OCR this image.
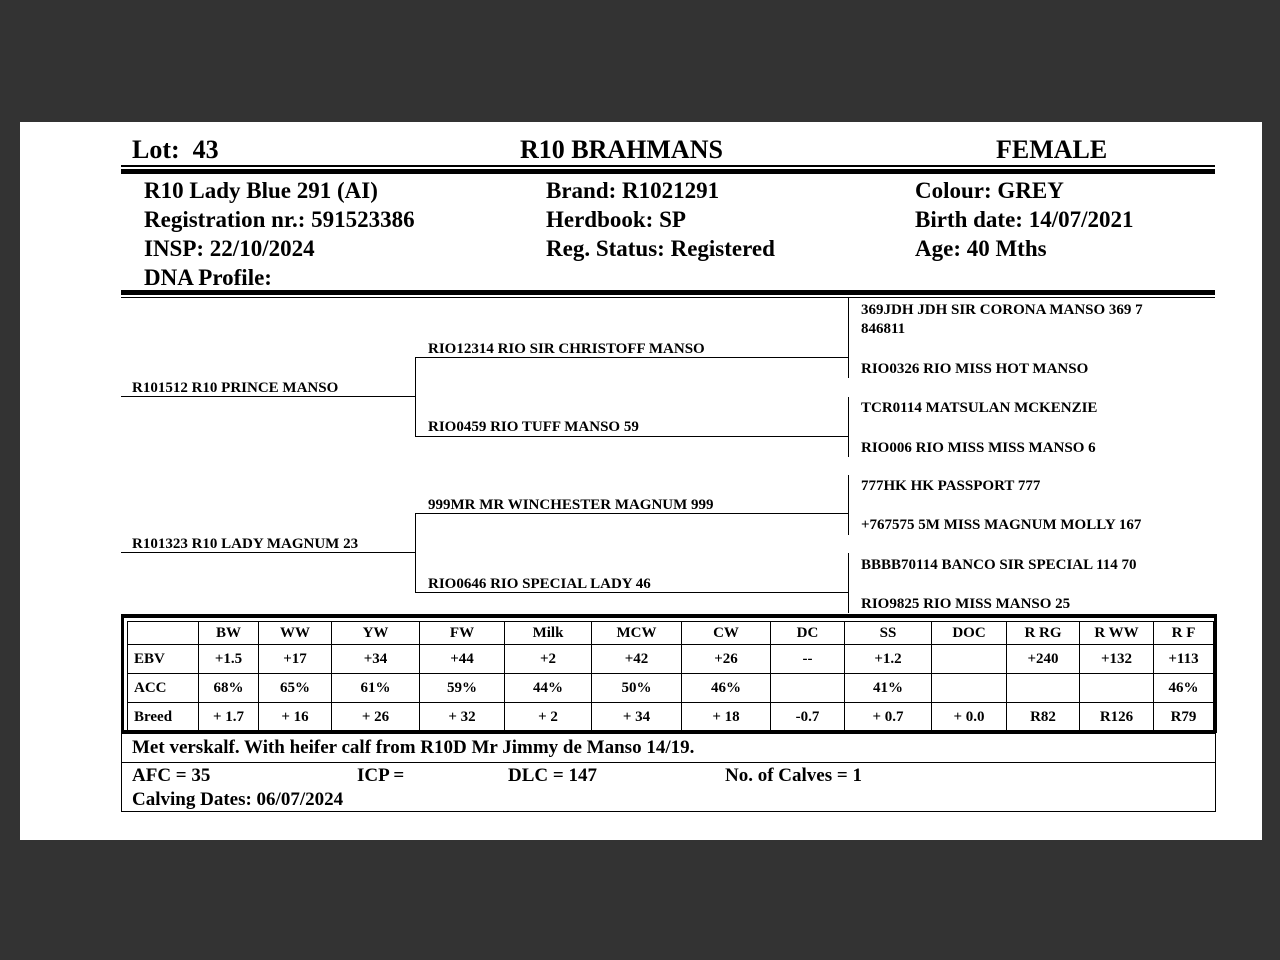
Lot: 43	R10 BRAHMANS	FEMALE
R10 Lady Blue 291 (AI)
Registration nr.: 591523386
INSP: 22/10/2024
DNA Profile:
Brand: R1021291
Herdbook: SP
Reg. Status: Registered
Colour: GREY
Birth date: 14/07/2021
Age: 40 Mths
R101512 R10 PRINCE MANSO
R101323 R10 LADY MAGNUM 23
RIO12314 RIO SIR CHRISTOFF MANSO
RIO0459 RIO TUFF MANSO 59
999MR MR WINCHESTER MAGNUM 999
RIO0646 RIO SPECIAL LADY 46
369JDH JDH SIR CORONA MANSO 369 7
846811
RIO0326 RIO MISS HOT MANSO
TCR0114 MATSULAN MCKENZIE
RIO006 RIO MISS MISS MANSO 6
777HK HK PASSPORT 777
+767575 5M MISS MAGNUM MOLLY 167
BBBB70114 BANCO SIR SPECIAL 114 70
RIO9825 RIO MISS MANSO 25
	BW	WW	YW	FW	Milk	MCW	CW	DC	SS	DOC	R RG	R WW	R F
EBV	+1.5	+17	+34	+44	+2	+42	+26	--	+1.2		+240	+132	+113
ACC	68%	65%	61%	59%	44%	50%	46%		41%				46%
Breed	+ 1.7	+ 16	+ 26	+ 32	+ 2	+ 34	+ 18	-0.7	+ 0.7	+ 0.0	R82	R126	R79
Met verskalf. With heifer calf from R10D Mr Jimmy de Manso 14/19.
AFC = 35	ICP =	DLC = 147	No. of Calves = 1
Calving Dates: 06/07/2024
